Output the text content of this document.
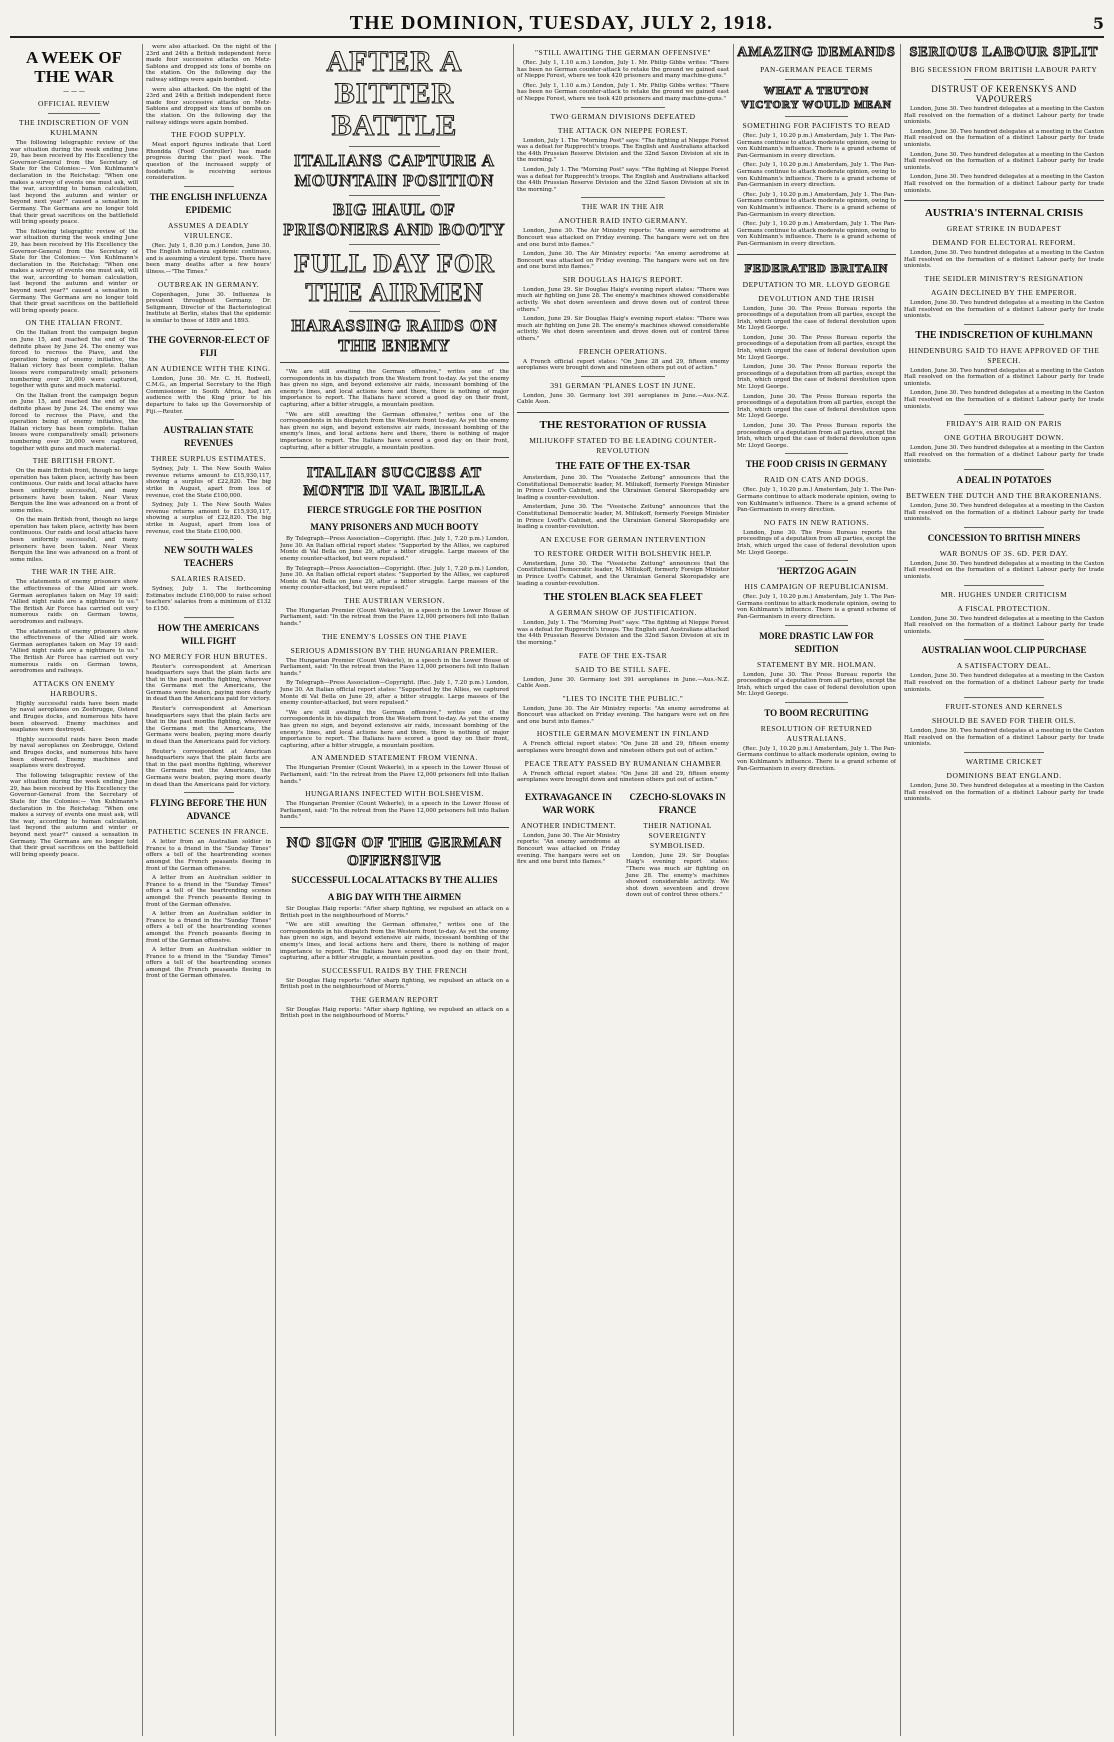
THE DOMINION, TUESDAY, JULY 2, 1918.	5
A WEEK OF THE WAR
— — —
OFFICIAL REVIEW
THE INDISCRETION OF VON KUHLMANN

The following telegraphic review of the war situation during the week ending June 29, has been received by His Excellency the Governor-General from the Secretary of State for the Colonies:— Von Kuhlmann's declaration in the Reichstag: "When one makes a survey of events one must ask, will the war, according to human calculation, last beyond the autumn and winter or beyond next year?" caused a sensation in Germany. The Germans are no longer told that their great sacrifices on the battlefield will bring speedy peace.

The following telegraphic review of the war situation during the week ending June 29, has been received by His Excellency the Governor-General from the Secretary of State for the Colonies:— Von Kuhlmann's declaration in the Reichstag: "When one makes a survey of events one must ask, will the war, according to human calculation, last beyond the autumn and winter or beyond next year?" caused a sensation in Germany. The Germans are no longer told that their great sacrifices on the battlefield will bring speedy peace.

ON THE ITALIAN FRONT.

On the Italian front the campaign begun on June 15, and reached the end of the definite phase by June 24. The enemy was forced to recross the Piave, and the operation being of enemy initiative, the Italian victory has been complete. Italian losses were comparatively small; prisoners numbering over 20,000 were captured, together with guns and much material.

On the Italian front the campaign begun on June 15, and reached the end of the definite phase by June 24. The enemy was forced to recross the Piave, and the operation being of enemy initiative, the Italian victory has been complete. Italian losses were comparatively small; prisoners numbering over 20,000 were captured, together with guns and much material.

THE BRITISH FRONT.

On the main British front, though no large operation has taken place, activity has been continuous. Our raids and local attacks have been uniformly successful, and many prisoners have been taken. Near Vieux Berquin the line was advanced on a front of some miles.

On the main British front, though no large operation has taken place, activity has been continuous. Our raids and local attacks have been uniformly successful, and many prisoners have been taken. Near Vieux Berquin the line was advanced on a front of some miles.

THE WAR IN THE AIR.

The statements of enemy prisoners show the effectiveness of the Allied air work. German aeroplanes taken on May 19 said: "Allied night raids are a nightmare to us." The British Air Force has carried out very numerous raids on German towns, aerodromes and railways.

The statements of enemy prisoners show the effectiveness of the Allied air work. German aeroplanes taken on May 19 said: "Allied night raids are a nightmare to us." The British Air Force has carried out very numerous raids on German towns, aerodromes and railways.

ATTACKS ON ENEMY HARBOURS.

Highly successful raids have been made by naval aeroplanes on Zeebrugge, Ostend and Bruges docks, and numerous hits have been observed. Enemy machines and seaplanes were destroyed.

Highly successful raids have been made by naval aeroplanes on Zeebrugge, Ostend and Bruges docks, and numerous hits have been observed. Enemy machines and seaplanes were destroyed.

The following telegraphic review of the war situation during the week ending June 29, has been received by His Excellency the Governor-General from the Secretary of State for the Colonies:— Von Kuhlmann's declaration in the Reichstag: "When one makes a survey of events one must ask, will the war, according to human calculation, last beyond the autumn and winter or beyond next year?" caused a sensation in Germany. The Germans are no longer told that their great sacrifices on the battlefield will bring speedy peace.

were also attacked. On the night of the 23rd and 24th a British independent force made four successive attacks on Metz-Sablons and dropped six tons of bombs on the station. On the following day the railway sidings were again bombed.

were also attacked. On the night of the 23rd and 24th a British independent force made four successive attacks on Metz-Sablons and dropped six tons of bombs on the station. On the following day the railway sidings were again bombed.

THE FOOD SUPPLY.

Meat export figures indicate that Lord Rhondda (Food Controller) has made progress during the past week. The question of the increased supply of foodstuffs is receiving serious consideration.

THE ENGLISH INFLUENZA EPIDEMIC
ASSUMES A DEADLY VIRULENCE.

(Rec. July 1, 8.30 p.m.) London, June 30. The English influenza epidemic continues, and is assuming a virulent type. There have been many deaths after a few hours' illness.—"The Times."

OUTBREAK IN GERMANY.

Copenhagen, June 30. Influenza is prevalent throughout Germany. Dr. Seligmann, Director of the Bacteriological Institute at Berlin, states that the epidemic is similar to those of 1889 and 1893.

THE GOVERNOR-ELECT OF FIJI
AN AUDIENCE WITH THE KING.

London, June 30. Mr. C. H. Rodwell, C.M.G., an Imperial Secretary to the High Commissioner in South Africa, had an audience with the King prior to his departure to take up the Governorship of Fiji.—Reuter.

AUSTRALIAN STATE REVENUES
THREE SURPLUS ESTIMATES.

Sydney, July 1. The New South Wales revenue returns amount to £15,930,117, showing a surplus of £22,820. The big strike in August, apart from loss of revenue, cost the State £100,000.

Sydney, July 1. The New South Wales revenue returns amount to £15,930,117, showing a surplus of £22,820. The big strike in August, apart from loss of revenue, cost the State £100,000.

NEW SOUTH WALES TEACHERS
SALARIES RAISED.

Sydney, July 1. The forthcoming Estimates include £160,000 to raise school teachers' salaries from a minimum of £132 to £150.

HOW THE AMERICANS WILL FIGHT
NO MERCY FOR HUN BRUTES.

Reuter's correspondent at American headquarters says that the plain facts are that in the past months fighting, wherever the Germans met the Americans, the Germans were beaten, paying more dearly in dead than the Americans paid for victory.

Reuter's correspondent at American headquarters says that the plain facts are that in the past months fighting, wherever the Germans met the Americans, the Germans were beaten, paying more dearly in dead than the Americans paid for victory.

Reuter's correspondent at American headquarters says that the plain facts are that in the past months fighting, wherever the Germans met the Americans, the Germans were beaten, paying more dearly in dead than the Americans paid for victory.

FLYING BEFORE THE HUN ADVANCE
PATHETIC SCENES IN FRANCE.

A letter from an Australian soldier in France to a friend in the "Sunday Times" offers a tell of the heartrending scenes amongst the French peasants fleeing in front of the German offensive.

A letter from an Australian soldier in France to a friend in the "Sunday Times" offers a tell of the heartrending scenes amongst the French peasants fleeing in front of the German offensive.

A letter from an Australian soldier in France to a friend in the "Sunday Times" offers a tell of the heartrending scenes amongst the French peasants fleeing in front of the German offensive.

A letter from an Australian soldier in France to a friend in the "Sunday Times" offers a tell of the heartrending scenes amongst the French peasants fleeing in front of the German offensive.

AFTER A BITTER BATTLE
ITALIANS CAPTURE A MOUNTAIN POSITION
BIG HAUL OF PRISONERS AND BOOTY
FULL DAY FOR THE AIRMEN
HARASSING RAIDS ON THE ENEMY

"We are still awaiting the German offensive," writes one of the correspondents in his dispatch from the Western front to-day. As yet the enemy has given no sign, and beyond extensive air raids, incessant bombing of the enemy's lines, and local actions here and there, there is nothing of major importance to report. The Italians have scored a good day on their front, capturing, after a bitter struggle, a mountain position.

"We are still awaiting the German offensive," writes one of the correspondents in his dispatch from the Western front to-day. As yet the enemy has given no sign, and beyond extensive air raids, incessant bombing of the enemy's lines, and local actions here and there, there is nothing of major importance to report. The Italians have scored a good day on their front, capturing, after a bitter struggle, a mountain position.

ITALIAN SUCCESS AT MONTE DI VAL BELLA
FIERCE STRUGGLE FOR THE POSITION
MANY PRISONERS AND MUCH BOOTY

By Telegraph—Press Association—Copyright. (Rec. July 1, 7.20 p.m.) London, June 30. An Italian official report states: "Supported by the Allies, we captured Monte di Val Bella on June 29, after a bitter struggle. Large masses of the enemy counter-attacked, but were repulsed."

By Telegraph—Press Association—Copyright. (Rec. July 1, 7.20 p.m.) London, June 30. An Italian official report states: "Supported by the Allies, we captured Monte di Val Bella on June 29, after a bitter struggle. Large masses of the enemy counter-attacked, but were repulsed."

THE AUSTRIAN VERSION.

The Hungarian Premier (Count Wekerle), in a speech in the Lower House of Parliament, said: "In the retreat from the Piave 12,000 prisoners fell into Italian hands."

THE ENEMY'S LOSSES ON THE PIAVE
SERIOUS ADMISSION BY THE HUNGARIAN PREMIER.

The Hungarian Premier (Count Wekerle), in a speech in the Lower House of Parliament, said: "In the retreat from the Piave 12,000 prisoners fell into Italian hands."

By Telegraph—Press Association—Copyright. (Rec. July 1, 7.20 p.m.) London, June 30. An Italian official report states: "Supported by the Allies, we captured Monte di Val Bella on June 29, after a bitter struggle. Large masses of the enemy counter-attacked, but were repulsed."

"We are still awaiting the German offensive," writes one of the correspondents in his dispatch from the Western front to-day. As yet the enemy has given no sign, and beyond extensive air raids, incessant bombing of the enemy's lines, and local actions here and there, there is nothing of major importance to report. The Italians have scored a good day on their front, capturing, after a bitter struggle, a mountain position.

AN AMENDED STATEMENT FROM VIENNA.

The Hungarian Premier (Count Wekerle), in a speech in the Lower House of Parliament, said: "In the retreat from the Piave 12,000 prisoners fell into Italian hands."

HUNGARIANS INFECTED WITH BOLSHEVISM.

The Hungarian Premier (Count Wekerle), in a speech in the Lower House of Parliament, said: "In the retreat from the Piave 12,000 prisoners fell into Italian hands."

NO SIGN OF THE GERMAN OFFENSIVE
SUCCESSFUL LOCAL ATTACKS BY THE ALLIES
A BIG DAY WITH THE AIRMEN

Sir Douglas Haig reports: "After sharp fighting, we repulsed an attack on a British post in the neighbourhood of Morris."

"We are still awaiting the German offensive," writes one of the correspondents in his dispatch from the Western front to-day. As yet the enemy has given no sign, and beyond extensive air raids, incessant bombing of the enemy's lines, and local actions here and there, there is nothing of major importance to report. The Italians have scored a good day on their front, capturing, after a bitter struggle, a mountain position.

SUCCESSFUL RAIDS BY THE FRENCH

Sir Douglas Haig reports: "After sharp fighting, we repulsed an attack on a British post in the neighbourhood of Morris."

THE GERMAN REPORT

Sir Douglas Haig reports: "After sharp fighting, we repulsed an attack on a British post in the neighbourhood of Morris."

"STILL AWAITING THE GERMAN OFFENSIVE"

(Rec. July 1, 1.10 a.m.) London, July 1. Mr. Philip Gibbs writes: "There has been no German counter-attack to retake the ground we gained east of Nieppe Forest, where we took 420 prisoners and many machine-guns."

(Rec. July 1, 1.10 a.m.) London, July 1. Mr. Philip Gibbs writes: "There has been no German counter-attack to retake the ground we gained east of Nieppe Forest, where we took 420 prisoners and many machine-guns."

TWO GERMAN DIVISIONS DEFEATED
THE ATTACK ON NIEPPE FOREST.

London, July 1. The "Morning Post" says: "The fighting at Nieppe Forest was a defeat for Rupprecht's troops. The English and Australians attacked the 44th Prussian Reserve Division and the 32nd Saxon Division at six in the morning."

London, July 1. The "Morning Post" says: "The fighting at Nieppe Forest was a defeat for Rupprecht's troops. The English and Australians attacked the 44th Prussian Reserve Division and the 32nd Saxon Division at six in the morning."

THE WAR IN THE AIR
ANOTHER RAID INTO GERMANY.

London, June 30. The Air Ministry reports: "An enemy aerodrome at Boncourt was attacked on Friday evening. The hangars were set on fire and one burst into flames."

London, June 30. The Air Ministry reports: "An enemy aerodrome at Boncourt was attacked on Friday evening. The hangars were set on fire and one burst into flames."

SIR DOUGLAS HAIG'S REPORT.

London, June 29. Sir Douglas Haig's evening report states: "There was much air fighting on June 28. The enemy's machines showed considerable activity. We shot down seventeen and drove down out of control three others."

London, June 29. Sir Douglas Haig's evening report states: "There was much air fighting on June 28. The enemy's machines showed considerable activity. We shot down seventeen and drove down out of control three others."

FRENCH OPERATIONS.

A French official report states: "On June 28 and 29, fifteen enemy aeroplanes were brought down and nineteen others put out of action."

391 GERMAN 'PLANES LOST IN JUNE.

London, June 30. Germany lost 391 aeroplanes in June.—Aus.-N.Z. Cable Assn.

THE RESTORATION OF RUSSIA
MILIUKOFF STATED TO BE LEADING COUNTER-REVOLUTION
THE FATE OF THE EX-TSAR

Amsterdam, June 30. The "Vossische Zeitung" announces that the Constitutional Democratic leader, M. Miliukoff, formerly Foreign Minister in Prince Lvoff's Cabinet, and the Ukrainian General Skoropadsky are leading a counter-revolution.

Amsterdam, June 30. The "Vossische Zeitung" announces that the Constitutional Democratic leader, M. Miliukoff, formerly Foreign Minister in Prince Lvoff's Cabinet, and the Ukrainian General Skoropadsky are leading a counter-revolution.

AN EXCUSE FOR GERMAN INTERVENTION
TO RESTORE ORDER WITH BOLSHEVIK HELP.

Amsterdam, June 30. The "Vossische Zeitung" announces that the Constitutional Democratic leader, M. Miliukoff, formerly Foreign Minister in Prince Lvoff's Cabinet, and the Ukrainian General Skoropadsky are leading a counter-revolution.

THE STOLEN BLACK SEA FLEET
A GERMAN SHOW OF JUSTIFICATION.

London, July 1. The "Morning Post" says: "The fighting at Nieppe Forest was a defeat for Rupprecht's troops. The English and Australians attacked the 44th Prussian Reserve Division and the 32nd Saxon Division at six in the morning."

FATE OF THE EX-TSAR
SAID TO BE STILL SAFE.

London, June 30. Germany lost 391 aeroplanes in June.—Aus.-N.Z. Cable Assn.

"LIES TO INCITE THE PUBLIC."

London, June 30. The Air Ministry reports: "An enemy aerodrome at Boncourt was attacked on Friday evening. The hangars were set on fire and one burst into flames."

HOSTILE GERMAN MOVEMENT IN FINLAND

A French official report states: "On June 28 and 29, fifteen enemy aeroplanes were brought down and nineteen others put out of action."

PEACE TREATY PASSED BY RUMANIAN CHAMBER

A French official report states: "On June 28 and 29, fifteen enemy aeroplanes were brought down and nineteen others put out of action."

EXTRAVAGANCE IN WAR WORK
ANOTHER INDICTMENT.

London, June 30. The Air Ministry reports: "An enemy aerodrome at Boncourt was attacked on Friday evening. The hangars were set on fire and one burst into flames."

CZECHO-SLOVAKS IN FRANCE
THEIR NATIONAL SOVEREIGNTY SYMBOLISED.

London, June 29. Sir Douglas Haig's evening report states: "There was much air fighting on June 28. The enemy's machines showed considerable activity. We shot down seventeen and drove down out of control three others."

AMAZING DEMANDS
PAN-GERMAN PEACE TERMS
WHAT A TEUTON VICTORY WOULD MEAN
SOMETHING FOR PACIFISTS TO READ

(Rec. July 1, 10.20 p.m.) Amsterdam, July 1. The Pan-Germans continue to attack moderate opinion, owing to von Kuhlmann's influence. There is a grand scheme of Pan-Germanism in every direction.

(Rec. July 1, 10.20 p.m.) Amsterdam, July 1. The Pan-Germans continue to attack moderate opinion, owing to von Kuhlmann's influence. There is a grand scheme of Pan-Germanism in every direction.

(Rec. July 1, 10.20 p.m.) Amsterdam, July 1. The Pan-Germans continue to attack moderate opinion, owing to von Kuhlmann's influence. There is a grand scheme of Pan-Germanism in every direction.

(Rec. July 1, 10.20 p.m.) Amsterdam, July 1. The Pan-Germans continue to attack moderate opinion, owing to von Kuhlmann's influence. There is a grand scheme of Pan-Germanism in every direction.

FEDERATED BRITAIN
DEPUTATION TO MR. LLOYD GEORGE
DEVOLUTION AND THE IRISH

London, June 30. The Press Bureau reports the proceedings of a deputation from all parties, except the Irish, which urged the case of federal devolution upon Mr. Lloyd George.

London, June 30. The Press Bureau reports the proceedings of a deputation from all parties, except the Irish, which urged the case of federal devolution upon Mr. Lloyd George.

London, June 30. The Press Bureau reports the proceedings of a deputation from all parties, except the Irish, which urged the case of federal devolution upon Mr. Lloyd George.

London, June 30. The Press Bureau reports the proceedings of a deputation from all parties, except the Irish, which urged the case of federal devolution upon Mr. Lloyd George.

London, June 30. The Press Bureau reports the proceedings of a deputation from all parties, except the Irish, which urged the case of federal devolution upon Mr. Lloyd George.

THE FOOD CRISIS IN GERMANY
RAID ON CATS AND DOGS.

(Rec. July 1, 10.20 p.m.) Amsterdam, July 1. The Pan-Germans continue to attack moderate opinion, owing to von Kuhlmann's influence. There is a grand scheme of Pan-Germanism in every direction.

NO FATS IN NEW RATIONS.

London, June 30. The Press Bureau reports the proceedings of a deputation from all parties, except the Irish, which urged the case of federal devolution upon Mr. Lloyd George.

'HERTZOG AGAIN
HIS CAMPAIGN OF REPUBLICANISM.

(Rec. July 1, 10.20 p.m.) Amsterdam, July 1. The Pan-Germans continue to attack moderate opinion, owing to von Kuhlmann's influence. There is a grand scheme of Pan-Germanism in every direction.

MORE DRASTIC LAW FOR SEDITION
STATEMENT BY MR. HOLMAN.

London, June 30. The Press Bureau reports the proceedings of a deputation from all parties, except the Irish, which urged the case of federal devolution upon Mr. Lloyd George.

TO BOOM RECRUITING
RESOLUTION OF RETURNED AUSTRALIANS.

(Rec. July 1, 10.20 p.m.) Amsterdam, July 1. The Pan-Germans continue to attack moderate opinion, owing to von Kuhlmann's influence. There is a grand scheme of Pan-Germanism in every direction.

SERIOUS LABOUR SPLIT
BIG SECESSION FROM BRITISH LABOUR PARTY
DISTRUST OF KERENSKYS AND VAPOURERS

London, June 30. Two hundred delegates at a meeting in the Caxton Hall resolved on the formation of a distinct Labour party for trade unionists.

London, June 30. Two hundred delegates at a meeting in the Caxton Hall resolved on the formation of a distinct Labour party for trade unionists.

London, June 30. Two hundred delegates at a meeting in the Caxton Hall resolved on the formation of a distinct Labour party for trade unionists.

London, June 30. Two hundred delegates at a meeting in the Caxton Hall resolved on the formation of a distinct Labour party for trade unionists.

AUSTRIA'S INTERNAL CRISIS
GREAT STRIKE IN BUDAPEST
DEMAND FOR ELECTORAL REFORM.

London, June 30. Two hundred delegates at a meeting in the Caxton Hall resolved on the formation of a distinct Labour party for trade unionists.

THE SEIDLER MINISTRY'S RESIGNATION
AGAIN DECLINED BY THE EMPEROR.

London, June 30. Two hundred delegates at a meeting in the Caxton Hall resolved on the formation of a distinct Labour party for trade unionists.

THE INDISCRETION OF KUHLMANN
HINDENBURG SAID TO HAVE APPROVED OF THE SPEECH.

London, June 30. Two hundred delegates at a meeting in the Caxton Hall resolved on the formation of a distinct Labour party for trade unionists.

London, June 30. Two hundred delegates at a meeting in the Caxton Hall resolved on the formation of a distinct Labour party for trade unionists.

FRIDAY'S AIR RAID ON PARIS
ONE GOTHA BROUGHT DOWN.

London, June 30. Two hundred delegates at a meeting in the Caxton Hall resolved on the formation of a distinct Labour party for trade unionists.

A DEAL IN POTATOES
BETWEEN THE DUTCH AND THE BRAKORENIANS.

London, June 30. Two hundred delegates at a meeting in the Caxton Hall resolved on the formation of a distinct Labour party for trade unionists.

CONCESSION TO BRITISH MINERS
WAR BONUS OF 3S. 6D. PER DAY.

London, June 30. Two hundred delegates at a meeting in the Caxton Hall resolved on the formation of a distinct Labour party for trade unionists.

MR. HUGHES UNDER CRITICISM
A FISCAL PROTECTION.

London, June 30. Two hundred delegates at a meeting in the Caxton Hall resolved on the formation of a distinct Labour party for trade unionists.

AUSTRALIAN WOOL CLIP PURCHASE
A SATISFACTORY DEAL.

London, June 30. Two hundred delegates at a meeting in the Caxton Hall resolved on the formation of a distinct Labour party for trade unionists.

FRUIT-STONES AND KERNELS
SHOULD BE SAVED FOR THEIR OILS.

London, June 30. Two hundred delegates at a meeting in the Caxton Hall resolved on the formation of a distinct Labour party for trade unionists.

WARTIME CRICKET
DOMINIONS BEAT ENGLAND.

London, June 30. Two hundred delegates at a meeting in the Caxton Hall resolved on the formation of a distinct Labour party for trade unionists.
